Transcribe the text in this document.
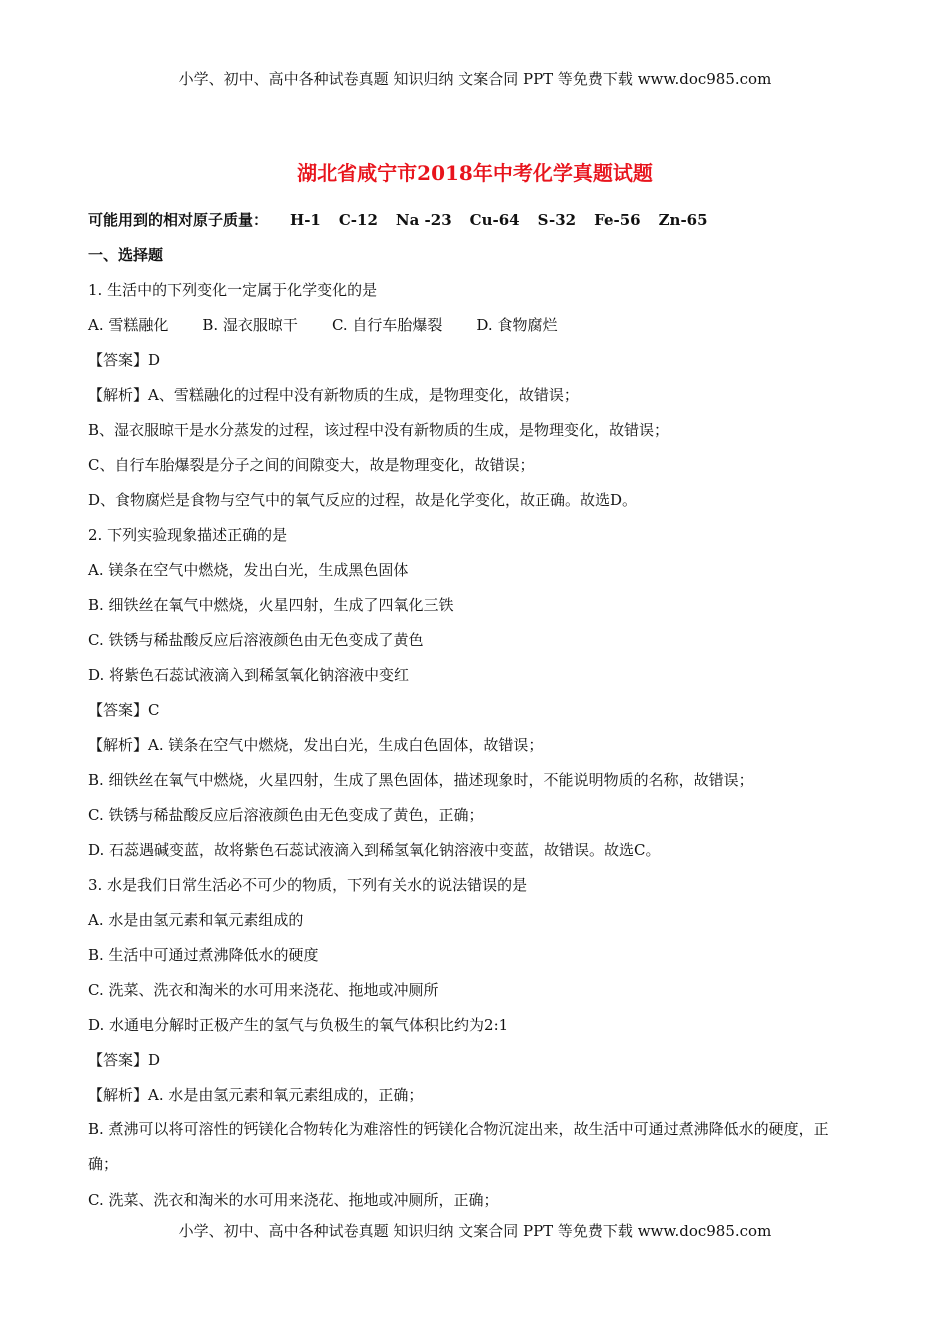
小学、初中、高中各种试卷真题 知识归纳 文案合同 PPT 等免费下载 www.doc985.com
湖北省咸宁市2018年中考化学真题试题
可能用到的相对原子质量： H-1 C-12 Na -23 Cu-64 S-32 Fe-56 Zn-65
一、选择题
1. 生活中的下列变化一定属于化学变化的是
A. 雪糕融化 B. 湿衣服晾干 C. 自行车胎爆裂 D. 食物腐烂
【答案】D
【解析】A、雪糕融化的过程中没有新物质的生成，是物理变化，故错误；
B、湿衣服晾干是水分蒸发的过程，该过程中没有新物质的生成，是物理变化，故错误；
C、自行车胎爆裂是分子之间的间隙变大，故是物理变化，故错误；
D、食物腐烂是食物与空气中的氧气反应的过程，故是化学变化，故正确。故选D。
2. 下列实验现象描述正确的是
A. 镁条在空气中燃烧，发出白光，生成黑色固体
B. 细铁丝在氧气中燃烧，火星四射，生成了四氧化三铁
C. 铁锈与稀盐酸反应后溶液颜色由无色变成了黄色
D. 将紫色石蕊试液滴入到稀氢氧化钠溶液中变红
【答案】C
【解析】A. 镁条在空气中燃烧，发出白光，生成白色固体，故错误；
B. 细铁丝在氧气中燃烧，火星四射，生成了黑色固体，描述现象时，不能说明物质的名称，故错误；
C. 铁锈与稀盐酸反应后溶液颜色由无色变成了黄色，正确；
D. 石蕊遇碱变蓝，故将紫色石蕊试液滴入到稀氢氧化钠溶液中变蓝，故错误。故选C。
3. 水是我们日常生活必不可少的物质，下列有关水的说法错误的是
A. 水是由氢元素和氧元素组成的
B. 生活中可通过煮沸降低水的硬度
C. 洗菜、洗衣和淘米的水可用来浇花、拖地或冲厕所
D. 水通电分解时正极产生的氢气与负极生的氧气体积比约为2:1
【答案】D
【解析】A. 水是由氢元素和氧元素组成的，正确；
B. 煮沸可以将可溶性的钙镁化合物转化为难溶性的钙镁化合物沉淀出来，故生活中可通过煮沸降低水的硬度，正确；
C. 洗菜、洗衣和淘米的水可用来浇花、拖地或冲厕所，正确；
小学、初中、高中各种试卷真题 知识归纳 文案合同 PPT 等免费下载 www.doc985.com
